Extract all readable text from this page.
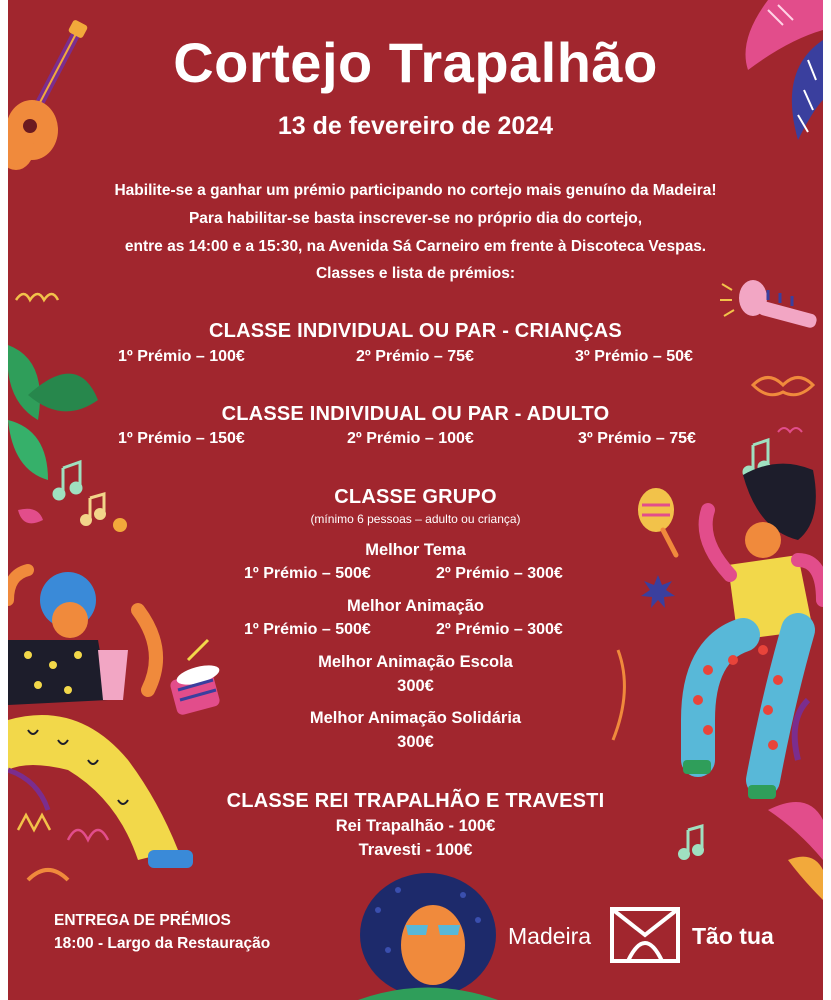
Cortejo Trapalhão
13 de fevereiro de 2024
Habilite-se a ganhar um prémio participando no cortejo mais genuíno da Madeira!
Para habilitar-se basta inscrever-se no próprio dia do cortejo,
entre as 14:00 e a 15:30, na Avenida Sá Carneiro em frente à Discoteca Vespas.
Classes e lista de prémios:
CLASSE INDIVIDUAL OU PAR - CRIANÇAS
1º Prémio – 100€	2º Prémio – 75€	3º Prémio – 50€
CLASSE INDIVIDUAL OU PAR - ADULTO
1º Prémio – 150€	2º Prémio – 100€	3º Prémio – 75€
CLASSE GRUPO
(mínimo 6 pessoas – adulto ou criança)
Melhor Tema
1º Prémio – 500€	2º Prémio – 300€
Melhor Animação
1º Prémio – 500€	2º Prémio – 300€
Melhor Animação Escola
300€
Melhor Animação Solidária
300€
CLASSE REI TRAPALHÃO E TRAVESTI
Rei Trapalhão - 100€
Travesti - 100€
ENTREGA DE PRÉMIOS
18:00 - Largo da Restauração	Madeira	Tão tua
